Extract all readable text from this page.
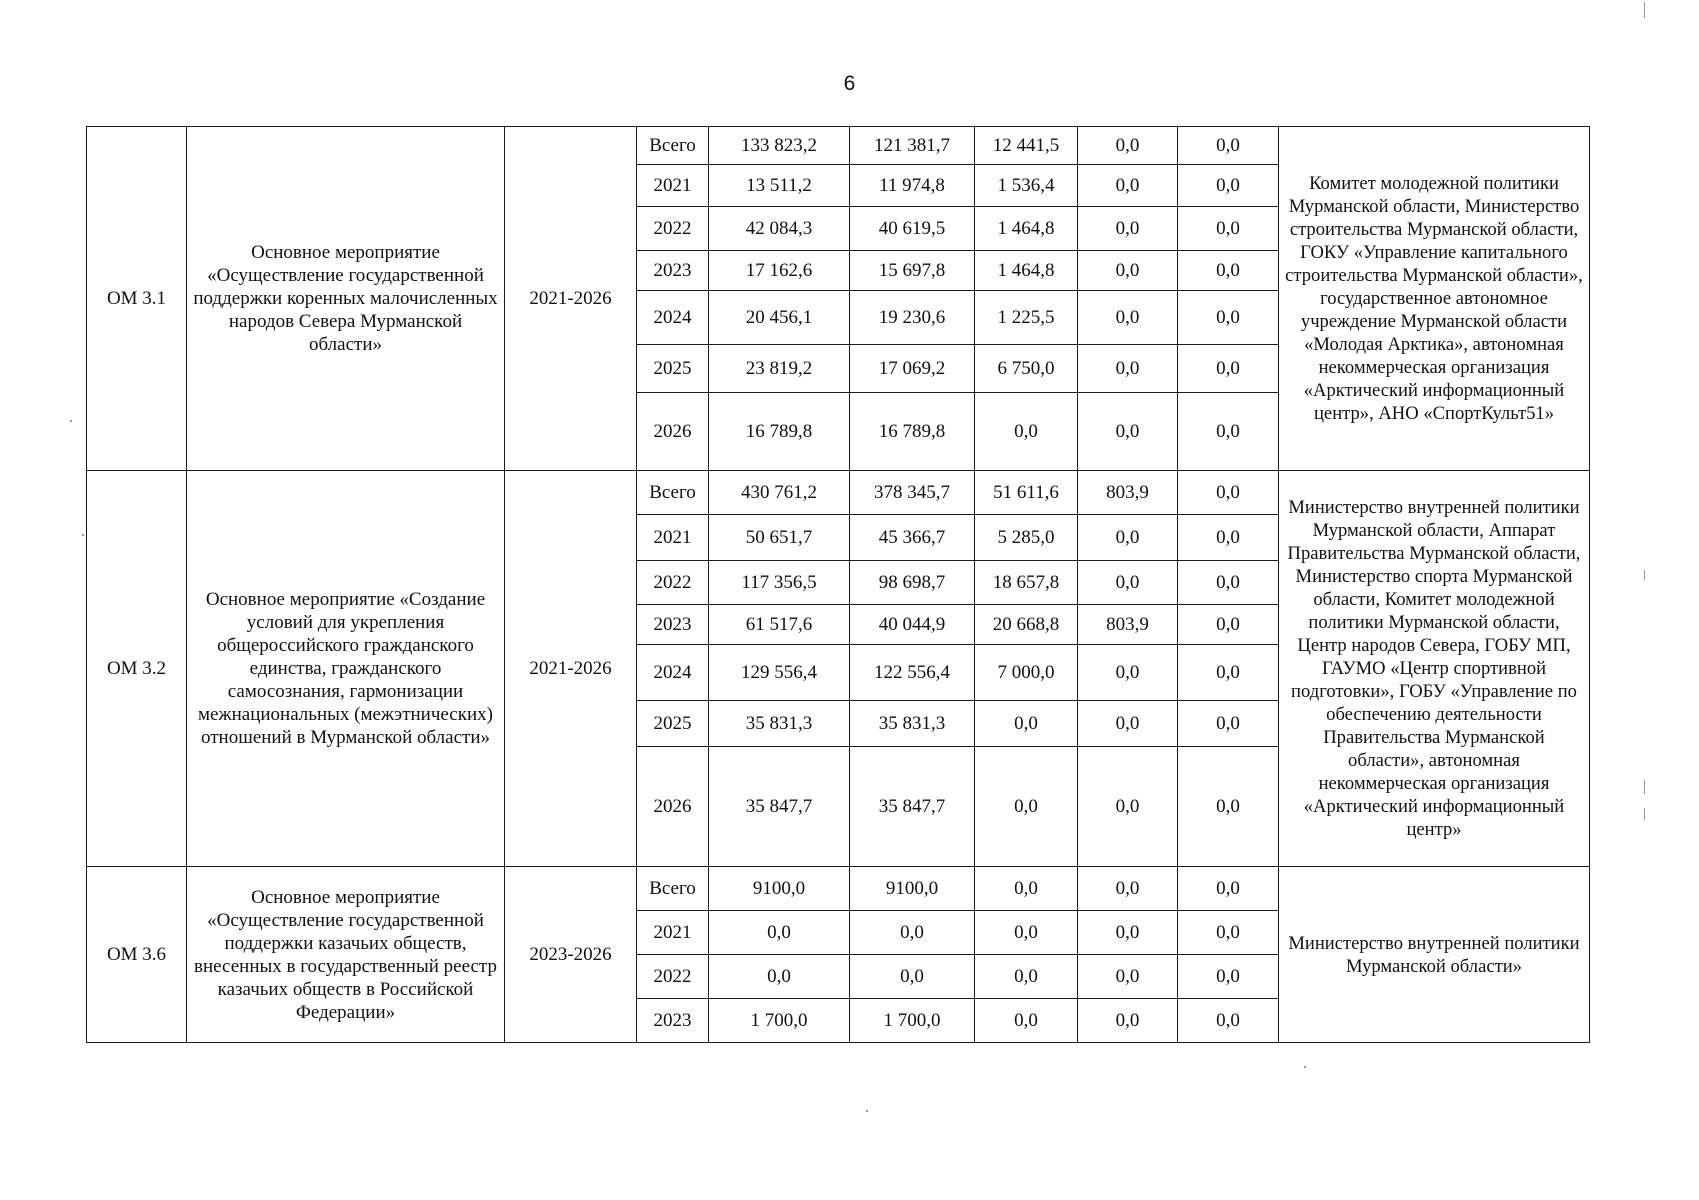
6
ОМ 3.1	Основное мероприятие «Осуществление государственной поддержки коренных малочисленных народов Севера Мурманской области»	2021-2026	Всего	133 823,2	121 381,7	12 441,5	0,0	0,0	Комитет молодежной политики Мурманской области, Министерство строительства Мурманской области, ГОКУ «Управление капитального строительства Мурманской области», государственное автономное учреждение Мурманской области «Молодая Арктика», автономная некоммерческая организация «Арктический информационный центр», АНО «СпортКульт51»
			2021	13 511,2	11 974,8	1 536,4	0,0	0,0	
			2022	42 084,3	40 619,5	1 464,8	0,0	0,0	
			2023	17 162,6	15 697,8	1 464,8	0,0	0,0	
			2024	20 456,1	19 230,6	1 225,5	0,0	0,0	
			2025	23 819,2	17 069,2	6 750,0	0,0	0,0	
			2026	16 789,8	16 789,8	0,0	0,0	0,0	
ОМ 3.2	Основное мероприятие «Создание условий для укрепления общероссийского гражданского единства, гражданского самосознания, гармонизации межнациональных (межэтнических) отношений в Мурманской области»	2021-2026	Всего	430 761,2	378 345,7	51 611,6	803,9	0,0	Министерство внутренней политики Мурманской области, Аппарат Правительства Мурманской области, Министерство спорта Мурманской области, Комитет молодежной политики Мурманской области, Центр народов Севера, ГОБУ МП, ГАУМО «Центр спортивной подготовки», ГОБУ «Управление по обеспечению деятельности Правительства Мурманской области», автономная некоммерческая организация «Арктический информационный центр»
			2021	50 651,7	45 366,7	5 285,0	0,0	0,0	
			2022	117 356,5	98 698,7	18 657,8	0,0	0,0	
			2023	61 517,6	40 044,9	20 668,8	803,9	0,0	
			2024	129 556,4	122 556,4	7 000,0	0,0	0,0	
			2025	35 831,3	35 831,3	0,0	0,0	0,0	
			2026	35 847,7	35 847,7	0,0	0,0	0,0	
ОМ 3.6	Основное мероприятие «Осуществление государственной поддержки казачьих обществ, внесенных в государственный реестр казачьих обществ в Российской Федерации»	2023-2026	Всего	9100,0	9100,0	0,0	0,0	0,0	Министерство внутренней политики Мурманской области»
			2021	0,0	0,0	0,0	0,0	0,0	
			2022	0,0	0,0	0,0	0,0	0,0	
			2023	1 700,0	1 700,0	0,0	0,0	0,0	
